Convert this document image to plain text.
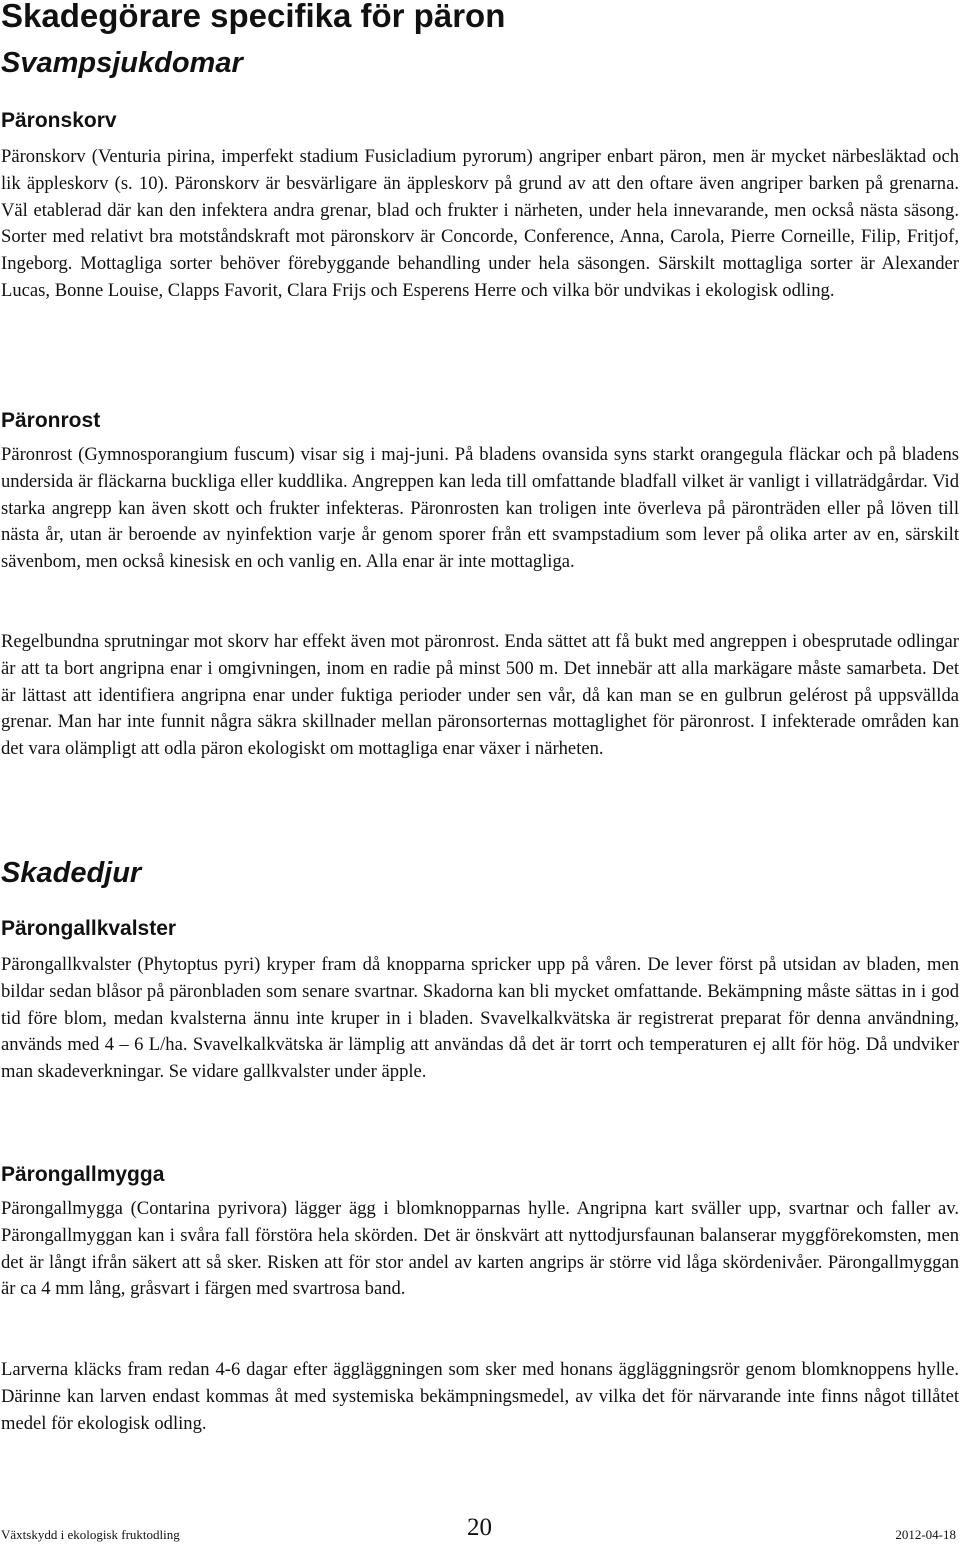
Skadegörare specifika för päron
Svampsjukdomar
Päronskorv

Päronskorv (Venturia pirina, imperfekt stadium Fusicladium pyrorum) angriper enbart päron, men är mycket närbesläktad och lik äppleskorv (s. 10). Päronskorv är besvärligare än äppleskorv på grund av att den oftare även angriper barken på grenarna. Väl etablerad där kan den infektera andra grenar, blad och frukter i närheten, under hela innevarande, men också nästa säsong. Sorter med relativt bra motståndskraft mot päronskorv är Concorde, Conference, Anna, Carola, Pierre Corneille, Filip, Fritjof, Ingeborg. Mottagliga sorter behöver förebyggande behandling under hela säsongen. Särskilt mottagliga sorter är Alexander Lucas, Bonne Louise, Clapps Favorit, Clara Frijs och Esperens Herre och vilka bör undvikas i ekologisk odling.

Päronrost

Päronrost (Gymnosporangium fuscum) visar sig i maj-juni. På bladens ovansida syns starkt orangegula fläckar och på bladens undersida är fläckarna buckliga eller kuddlika. Angreppen kan leda till omfattande bladfall vilket är vanligt i villaträdgårdar. Vid starka angrepp kan även skott och frukter infekteras. Päronrosten kan troligen inte överleva på päronträden eller på löven till nästa år, utan är beroende av nyinfektion varje år genom sporer från ett svampstadium som lever på olika arter av en, särskilt sävenbom, men också kinesisk en och vanlig en. Alla enar är inte mottagliga.

Regelbundna sprutningar mot skorv har effekt även mot päronrost. Enda sättet att få bukt med angreppen i obesprutade odlingar är att ta bort angripna enar i omgivningen, inom en radie på minst 500 m. Det innebär att alla markägare måste samarbeta. Det är lättast att identifiera angripna enar under fuktiga perioder under sen vår, då kan man se en gulbrun gelérost på uppsvällda grenar. Man har inte funnit några säkra skillnader mellan päronsorternas mottaglighet för päronrost. I infekterade områden kan det vara olämpligt att odla päron ekologiskt om mottagliga enar växer i närheten.

Skadedjur
Pärongallkvalster

Pärongallkvalster (Phytoptus pyri) kryper fram då knopparna spricker upp på våren. De lever först på utsidan av bladen, men bildar sedan blåsor på päronbladen som senare svartnar. Skadorna kan bli mycket omfattande. Bekämpning måste sättas in i god tid före blom, medan kvalsterna ännu inte kruper in i bladen. Svavelkalkvätska är registrerat preparat för denna användning, används med 4 – 6 L/ha. Svavelkalkvätska är lämplig att användas då det är torrt och temperaturen ej allt för hög. Då undviker man skadeverkningar. Se vidare gallkvalster under äpple.

Pärongallmygga

Pärongallmygga (Contarina pyrivora) lägger ägg i blomknopparnas hylle. Angripna kart sväller upp, svartnar och faller av. Pärongallmyggan kan i svåra fall förstöra hela skörden. Det är önskvärt att nyttodjursfaunan balanserar myggförekomsten, men det är långt ifrån säkert att så sker. Risken att för stor andel av karten angrips är större vid låga skördenivåer. Pärongallmyggan är ca 4 mm lång, gråsvart i färgen med svartrosa band.

Larverna kläcks fram redan 4-6 dagar efter äggläggningen som sker med honans äggläggningsrör genom blomknoppens hylle. Därinne kan larven endast kommas åt med systemiska bekämpningsmedel, av vilka det för närvarande inte finns något tillåtet medel för ekologisk odling.

Växtskydd i ekologisk fruktodling	20	2012-04-18
